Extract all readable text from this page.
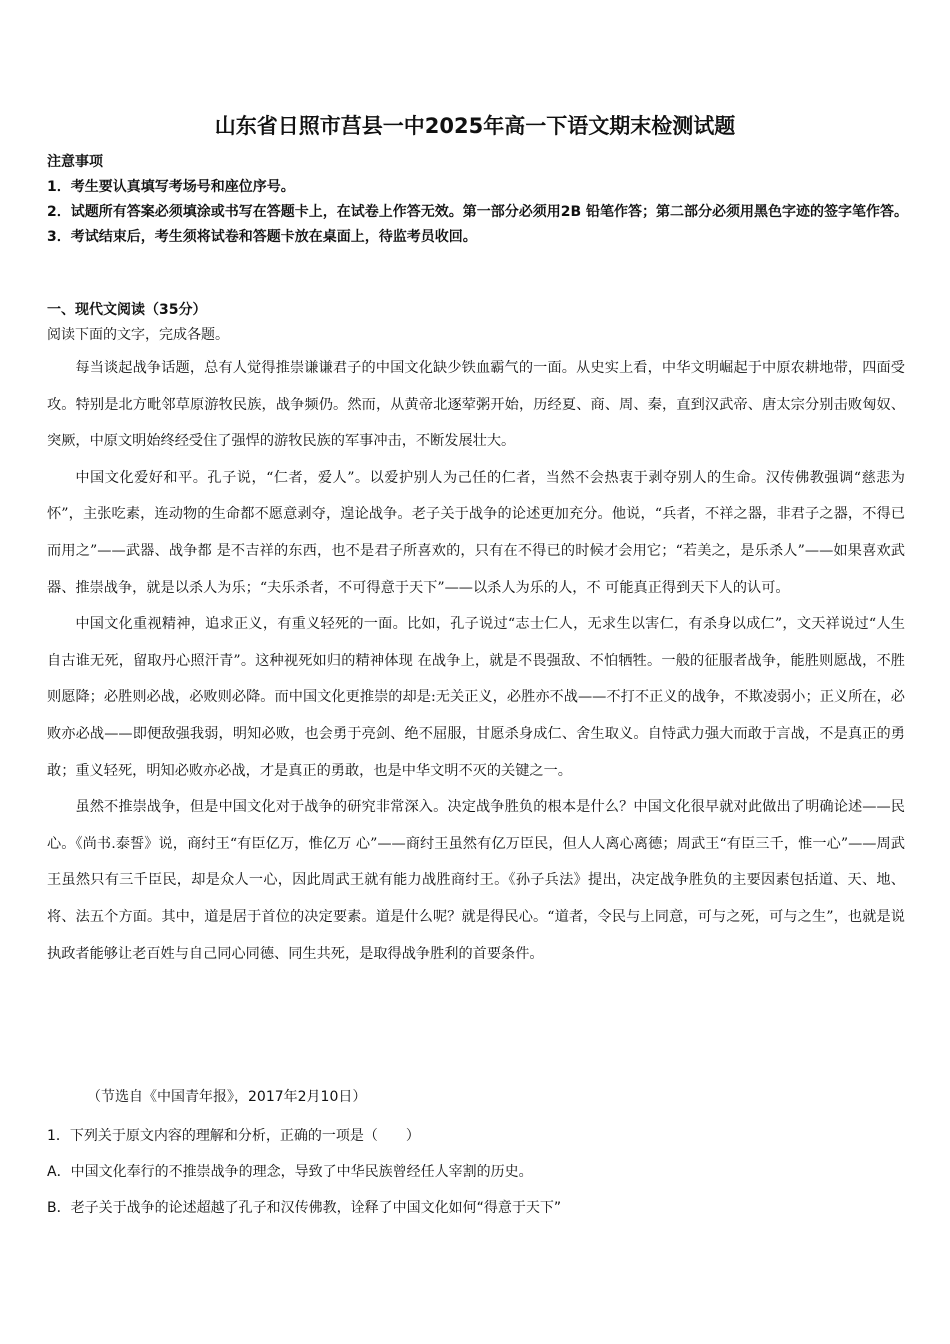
山东省日照市莒县一中2025年高一下语文期末检测试题
注意事项
1．考生要认真填写考场号和座位序号。
2．试题所有答案必须填涂或书写在答题卡上，在试卷上作答无效。第一部分必须用2B 铅笔作答；第二部分必须用黑色字迹的签字笔作答。
3．考试结束后，考生须将试卷和答题卡放在桌面上，待监考员收回。
一、现代文阅读（35分）
阅读下面的文字，完成各题。

每当谈起战争话题，总有人觉得推崇谦谦君子的中国文化缺少铁血霸气的一面。从史实上看，中华文明崛起于中原农耕地带，四面受攻。特别是北方毗邻草原游牧民族，战争频仍。然而，从黄帝北逐荤粥开始，历经夏、商、周、秦，直到汉武帝、唐太宗分别击败匈奴、突厥，中原文明始终经受住了强悍的游牧民族的军事冲击，不断发展壮大。

中国文化爱好和平。孔子说，“仁者，爱人”。以爱护别人为己任的仁者，当然不会热衷于剥夺别人的生命。汉传佛教强调“慈悲为怀”，主张吃素，连动物的生命都不愿意剥夺，遑论战争。老子关于战争的论述更加充分。他说，“兵者，不祥之器，非君子之器，不得已而用之”——武器、战争都 是不吉祥的东西，也不是君子所喜欢的，只有在不得已的时候才会用它；“若美之，是乐杀人”——如果喜欢武器、推崇战争，就是以杀人为乐；“夫乐杀者，不可得意于天下”——以杀人为乐的人，不 可能真正得到天下人的认可。

中国文化重视精神，追求正义，有重义轻死的一面。比如，孔子说过“志士仁人，无求生以害仁，有杀身以成仁”，文天祥说过“人生自古谁无死，留取丹心照汗青”。这种视死如归的精神体现 在战争上，就是不畏强敌、不怕牺牲。一般的征服者战争，能胜则愿战，不胜则愿降；必胜则必战，必败则必降。而中国文化更推崇的却是:无关正义，必胜亦不战——不打不正义的战争，不欺凌弱小；正义所在，必败亦必战——即便敌强我弱，明知必败，也会勇于亮剑、绝不屈服，甘愿杀身成仁、舍生取义。自恃武力强大而敢于言战，不是真正的勇敢；重义轻死，明知必败亦必战，才是真正的勇敢，也是中华文明不灭的关键之一。

虽然不推崇战争，但是中国文化对于战争的研究非常深入。决定战争胜负的根本是什么？中国文化很早就对此做出了明确论述——民心。《尚书.泰誓》说，商纣王“有臣亿万，惟亿万 心”——商纣王虽然有亿万臣民，但人人离心离德；周武王“有臣三千，惟一心”——周武王虽然只有三千臣民，却是众人一心，因此周武王就有能力战胜商纣王。《孙子兵法》提出，决定战争胜负的主要因素包括道、天、地、将、法五个方面。其中，道是居于首位的决定要素。道是什么呢？就是得民心。“道者，令民与上同意，可与之死，可与之生”，也就是说执政者能够让老百姓与自己同心同德、同生共死，是取得战争胜利的首要条件。

（节选自《中国青年报》，2017年2月10日）
1．下列关于原文内容的理解和分析，正确的一项是（　　）
A．中国文化奉行的不推崇战争的理念，导致了中华民族曾经任人宰割的历史。
B．老子关于战争的论述超越了孔子和汉传佛教，诠释了中国文化如何“得意于天下”
